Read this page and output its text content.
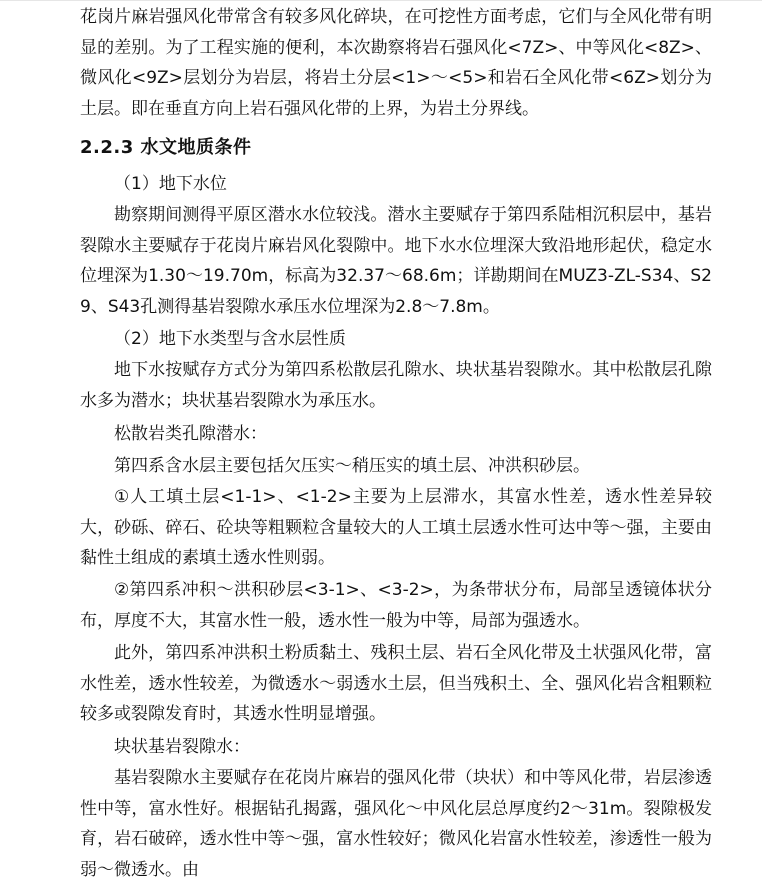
花岗片麻岩强风化带常含有较多风化碎块，在可挖性方面考虑，它们与全风化带有明显的差别。为了工程实施的便利，本次勘察将岩石强风化<7Z>、中等风化<8Z>、微风化<9Z>层划分为岩层，将岩土分层<1>～<5>和岩石全风化带<6Z>划分为土层。即在垂直方向上岩石强风化带的上界，为岩土分界线。

2.2.3 水文地质条件

（1）地下水位

勘察期间测得平原区潜水水位较浅。潜水主要赋存于第四系陆相沉积层中，基岩裂隙水主要赋存于花岗片麻岩风化裂隙中。地下水水位埋深大致沿地形起伏，稳定水位埋深为1.30～19.70m，标高为32.37～68.6m；详勘期间在MUZ3-ZL-S34、S29、S43孔测得基岩裂隙水承压水位埋深为2.8～7.8m。

（2）地下水类型与含水层性质

地下水按赋存方式分为第四系松散层孔隙水、块状基岩裂隙水。其中松散层孔隙水多为潜水；块状基岩裂隙水为承压水。

松散岩类孔隙潜水：

第四系含水层主要包括欠压实～稍压实的填土层、冲洪积砂层。

①人工填土层<1-1>、<1-2>主要为上层滞水，其富水性差，透水性差异较大，砂砾、碎石、砼块等粗颗粒含量较大的人工填土层透水性可达中等～强，主要由黏性土组成的素填土透水性则弱。

②第四系冲积～洪积砂层<3-1>、<3-2>，为条带状分布，局部呈透镜体状分布，厚度不大，其富水性一般，透水性一般为中等，局部为强透水。

此外，第四系冲洪积土粉质黏土、残积土层、岩石全风化带及土状强风化带，富水性差，透水性较差，为微透水～弱透水土层，但当残积土、全、强风化岩含粗颗粒较多或裂隙发育时，其透水性明显增强。

块状基岩裂隙水：

基岩裂隙水主要赋存在花岗片麻岩的强风化带（块状）和中等风化带，岩层渗透性中等，富水性好。根据钻孔揭露，强风化～中风化层总厚度约2～31m。裂隙极发育，岩石破碎，透水性中等～强，富水性较好；微风化岩富水性较差，渗透性一般为弱～微透水。由
